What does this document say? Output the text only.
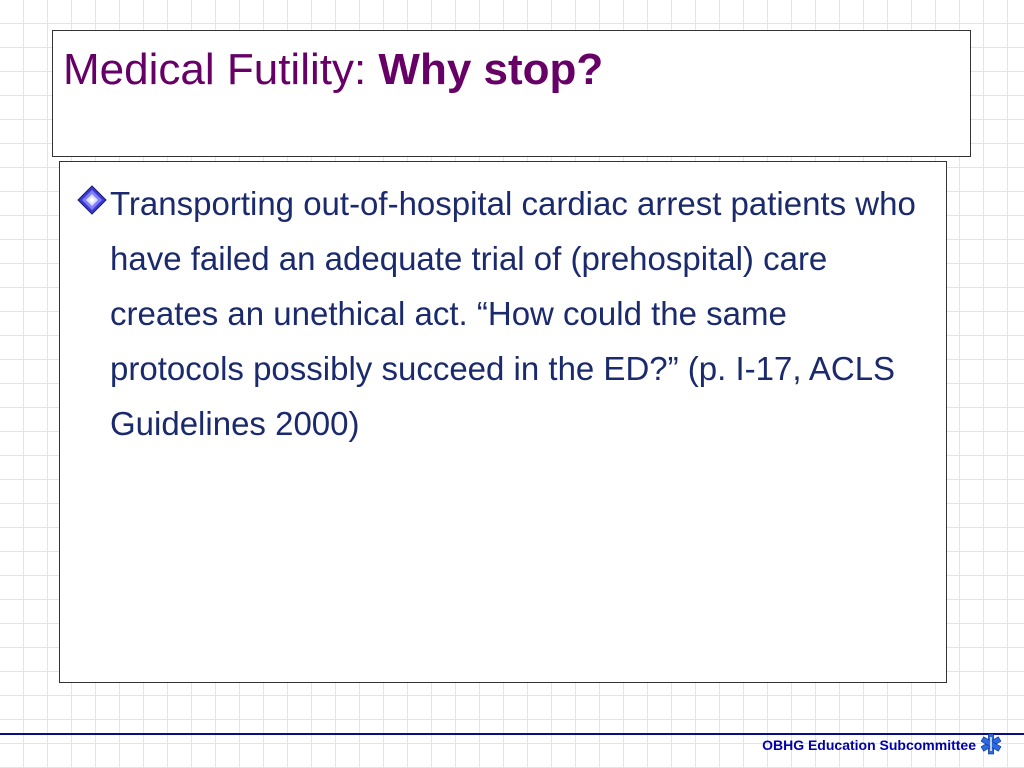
Medical Futility: Why stop?

Transporting out-of-hospital cardiac arrest patients who have failed an adequate trial of (prehospital) care creates an unethical act. “How could the same protocols possibly succeed in the ED?” (p. I-17, ACLS Guidelines 2000)

OBHG Education Subcommittee
